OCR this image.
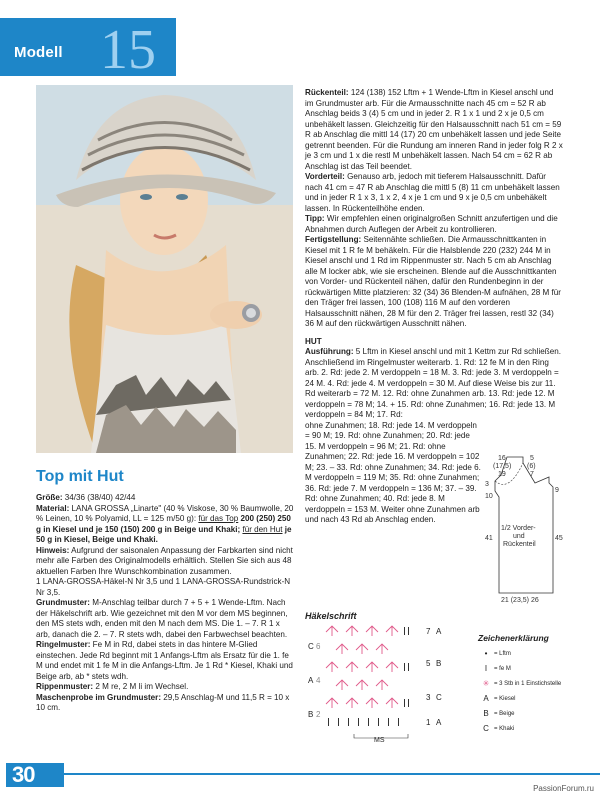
Modell 15
Top mit Hut

Größe: 34/36 (38/40) 42/44

Material: LANA GROSSA „Linarte" (40 % Viskose, 30 % Baumwolle, 20 % Leinen, 10 % Polyamid, LL = 125 m/50 g): für das Top 200 (250) 250 g in Kiesel und je 150 (150) 200 g in Beige und Khaki; für den Hut je 50 g in Kiesel, Beige und Khaki.

Hinweis: Aufgrund der saisonalen Anpassung der Farbkarten sind nicht mehr alle Farben des Originalmodells erhältlich. Stellen Sie sich aus 48 aktuellen Farben Ihre Wunschkombination zusammen.

1 LANA-GROSSA-Häkel-N Nr 3,5 und 1 LANA-GROSSA-Rundstrick-N Nr 3,5.

Grundmuster: M-Anschlag teilbar durch 7 + 5 + 1 Wende-Lftm. Nach der Häkelschrift arb. Wie gezeichnet mit den M vor dem MS beginnen, den MS stets wdh, enden mit den M nach dem MS. Die 1. – 7. R 1 x arb, danach die 2. – 7. R stets wdh, dabei den Farbwechsel beachten.

Ringelmuster: Fe M in Rd, dabei stets in das hintere M-Glied einstechen. Jede Rd beginnt mit 1 Anfangs-Lftm als Ersatz für die 1. fe M und endet mit 1 fe M in die Anfangs-Lftm. Je 1 Rd * Kiesel, Khaki und Beige arb, ab * stets wdh.

Rippenmuster: 2 M re, 2 M li im Wechsel.

Maschenprobe im Grundmuster: 29,5 Anschlag-M und 11,5 R = 10 x 10 cm.

Rückenteil: 124 (138) 152 Lftm + 1 Wende-Lftm in Kiesel anschl und im Grundmuster arb. Für die Armausschnitte nach 45 cm = 52 R ab Anschlag beids 3 (4) 5 cm und in jeder 2. R 1 x 1 und 2 x je 0,5 cm unbehäkelt lassen. Gleichzeitig für den Halsausschnitt nach 51 cm = 59 R ab Anschlag die mittl 14 (17) 20 cm unbehäkelt lassen und jede Seite getrennt beenden. Für die Rundung am inneren Rand in jeder folg R 2 x je 3 cm und 1 x die restl M unbehäkelt lassen. Nach 54 cm = 62 R ab Anschlag ist das Teil beendet.

Vorderteil: Genauso arb, jedoch mit tieferem Halsausschnitt. Dafür nach 41 cm = 47 R ab Anschlag die mittl 5 (8) 11 cm unbehäkelt lassen und in jeder R 1 x 3, 1 x 2, 4 x je 1 cm und 9 x je 0,5 cm unbehäkelt lassen. In Rückenteilhöhe enden.

Tipp: Wir empfehlen einen originalgroßen Schnitt anzufertigen und die Abnahmen durch Auflegen der Arbeit zu kontrollieren.

Fertigstellung: Seitennähte schließen. Die Armausschnittkanten in Kiesel mit 1 R fe M behäkeln. Für die Halsblende 220 (232) 244 M in Kiesel anschl und 1 Rd im Rippenmuster str. Nach 5 cm ab Anschlag alle M locker abk, wie sie erscheinen. Blende auf die Ausschnittkanten von Vorder- und Rückenteil nähen, dafür den Rundenbeginn in der rückwärtigen Mitte platzieren: 32 (34) 36 Blenden-M aufnähen, 28 M für den Träger frei lassen, 100 (108) 116 M auf den vorderen Halsausschnitt nähen, 28 M für den 2. Träger frei lassen, restl 32 (34) 36 M auf den rückwärtigen Ausschnitt nähen.

HUT

Ausführung: 5 Lftm in Kiesel anschl und mit 1 Kettm zur Rd schließen. Anschließend im Ringelmuster weiterarb. 1. Rd: 12 fe M in den Ring arb. 2. Rd: jede 2. M verdoppeln = 18 M. 3. Rd: jede 3. M verdoppeln = 24 M. 4. Rd: jede 4. M verdoppeln = 30 M. Auf diese Weise bis zur 11. Rd weiterarb = 72 M. 12. Rd: ohne Zunahmen arb. 13. Rd: jede 12. M verdoppeln = 78 M; 14. + 15. Rd: ohne Zunahmen; 16. Rd: jede 13. M verdoppeln = 84 M; 17. Rd:

ohne Zunahmen; 18. Rd: jede 14. M verdoppeln = 90 M; 19. Rd: ohne Zunahmen; 20. Rd: jede 15. M verdoppeln = 96 M; 21. Rd: ohne Zunahmen; 22. Rd: jede 16. M verdoppeln = 102 M; 23. – 33. Rd: ohne Zunahmen; 34. Rd: jede 6. M verdoppeln = 119 M; 35. Rd: ohne Zunahmen; 36. Rd: jede 7. M verdoppeln = 136 M; 37. – 39. Rd: ohne Zunahmen; 40. Rd: jede 8. M verdoppeln = 153 M. Weiter ohne Zunahmen arb und nach 43 Rd ab Anschlag enden.

16
(17,5)
19
5
(6)
7
3
10
9
1/2 Vorder-
und
Rückenteil
41	45
21 (23,5) 26
Häkelschrift
7 A
C 6
5 B
A 4
3 C
B 2
1 A
MS
Zeichenerklärung
•	= Lftm
I	= fe M
✳ = 3 Stb in 1 Einstichstelle
A = Kiesel
B = Beige
C = Khaki
30
PassionForum.ru
